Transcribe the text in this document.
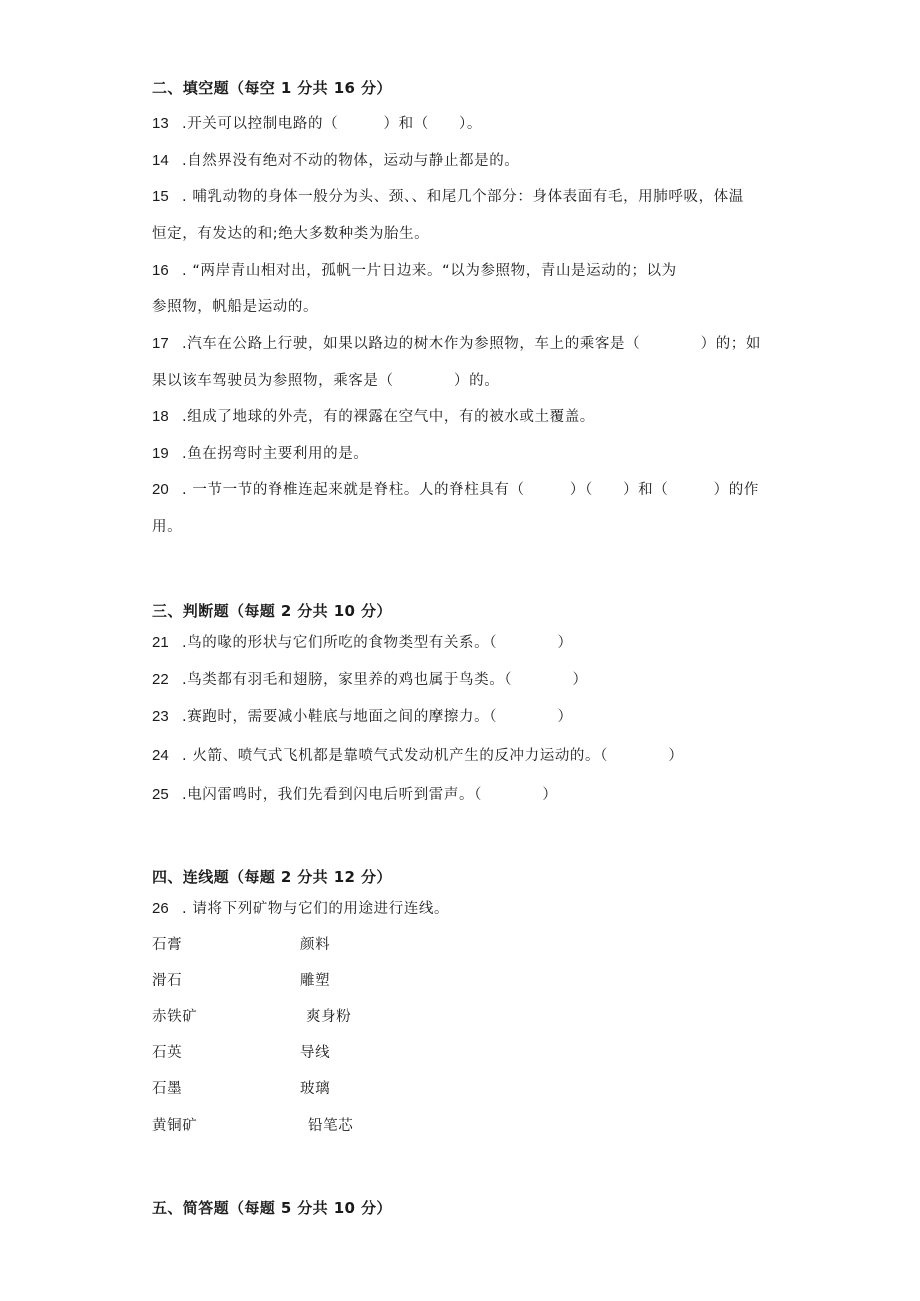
二、填空题（每空 1 分共 16 分）
13 .开关可以控制电路的（　　　）和（　　）。
14 .自然界没有绝对不动的物体，运动与静止都是的。
15 . 哺乳动物的身体一般分为头、颈、、和尾几个部分：身体表面有毛，用肺呼吸，体温
恒定，有发达的和;绝大多数种类为胎生。
16 . “两岸青山相对出，孤帆一片日边来。“以为参照物，青山是运动的；以为
参照物，帆船是运动的。
17 .汽车在公路上行驶，如果以路边的树木作为参照物，车上的乘客是（　　　　）的；如
果以该车驾驶员为参照物，乘客是（　　　　）的。
18 .组成了地球的外壳，有的裸露在空气中，有的被水或土覆盖。
19 .鱼在拐弯时主要利用的是。
20 . 一节一节的脊椎连起来就是脊柱。人的脊柱具有（　　　）（　　）和（　　　）的作
用。
三、判断题（每题 2 分共 10 分）
21 .鸟的喙的形状与它们所吃的食物类型有关系。（　　　　）
22 .鸟类都有羽毛和翅膀，家里养的鸡也属于鸟类。（　　　　）
23 .赛跑时，需要减小鞋底与地面之间的摩擦力。（　　　　）
24 . 火箭、喷气式飞机都是靠喷气式发动机产生的反冲力运动的。（　　　　）
25 .电闪雷鸣时，我们先看到闪电后听到雷声。（　　　　）
四、连线题（每题 2 分共 12 分）
26 . 请将下列矿物与它们的用途进行连线。
石膏	颜料
滑石	雕塑
赤铁矿	爽身粉
石英	导线
石墨	玻璃
黄铜矿	铅笔芯
五、简答题（每题 5 分共 10 分）
